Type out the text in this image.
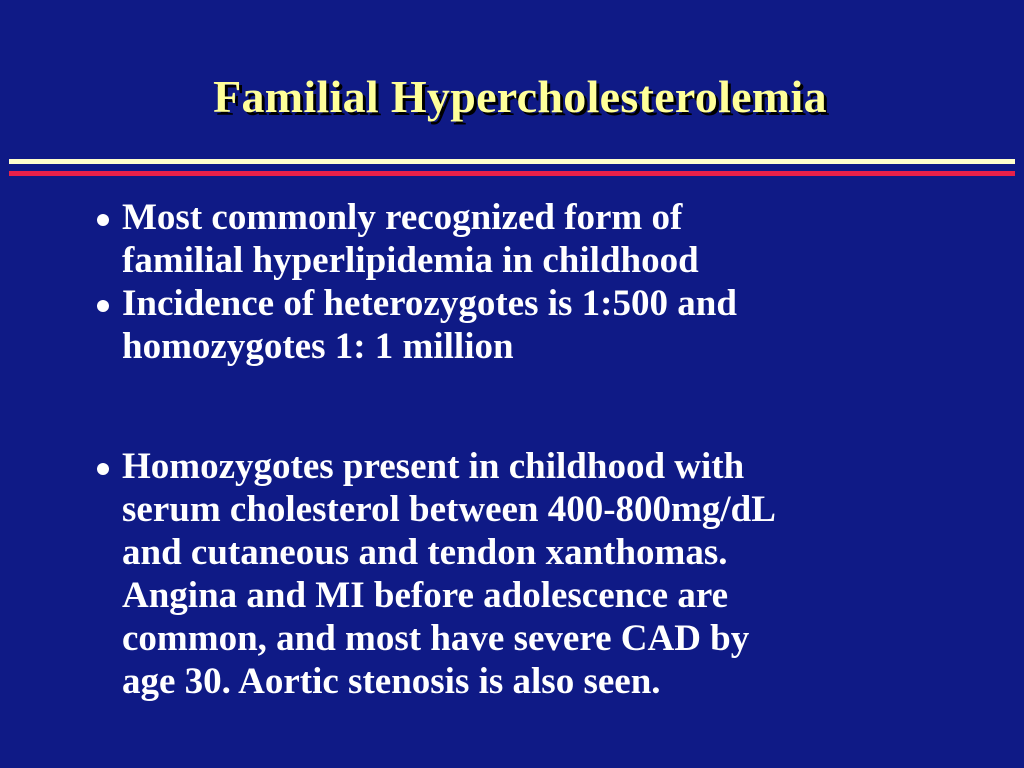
Familial Hypercholesterolemia
Most commonly recognized form of
familial hyperlipidemia in childhood
Incidence of heterozygotes is 1:500 and
homozygotes 1: 1 million
Homozygotes present in childhood with
serum cholesterol between 400-800mg/dL
and cutaneous and tendon xanthomas.
Angina and MI before adolescence are
common, and most have severe CAD by
age 30. Aortic stenosis is also seen.
